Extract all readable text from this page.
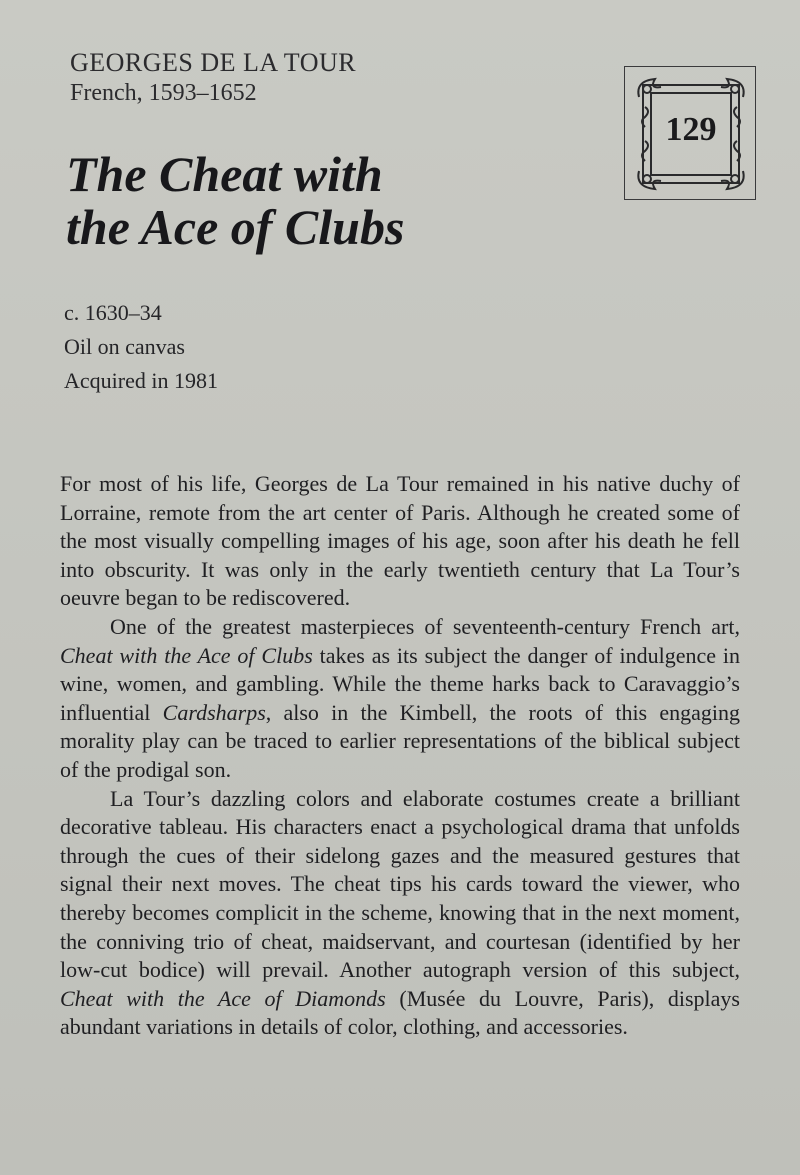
GEORGES DE LA TOUR
French, 1593–1652
The Cheat with
the Ace of Clubs
c. 1630–34
Oil on canvas
Acquired in 1981
129

For most of his life, Georges de La Tour remained in his native duchy of Lorraine, remote from the art center of Paris. Although he created some of the most visually compelling images of his age, soon after his death he fell into obscurity. It was only in the early twentieth century that La Tour’s oeuvre began to be rediscovered.

One of the greatest masterpieces of seventeenth-century French art, Cheat with the Ace of Clubs takes as its subject the danger of indulgence in wine, women, and gambling. While the theme harks back to Caravaggio’s influential Cardsharps, also in the Kimbell, the roots of this engaging morality play can be traced to earlier representations of the biblical subject of the prodigal son.

La Tour’s dazzling colors and elaborate costumes create a brilliant decorative tableau. His characters enact a psychological drama that unfolds through the cues of their sidelong gazes and the measured gestures that signal their next moves. The cheat tips his cards toward the viewer, who thereby becomes complicit in the scheme, knowing that in the next moment, the conniving trio of cheat, maidservant, and courtesan (identified by her low-cut bodice) will prevail. Another autograph version of this subject, Cheat with the Ace of Diamonds (Musée du Louvre, Paris), displays abundant variations in details of color, clothing, and accessories.
